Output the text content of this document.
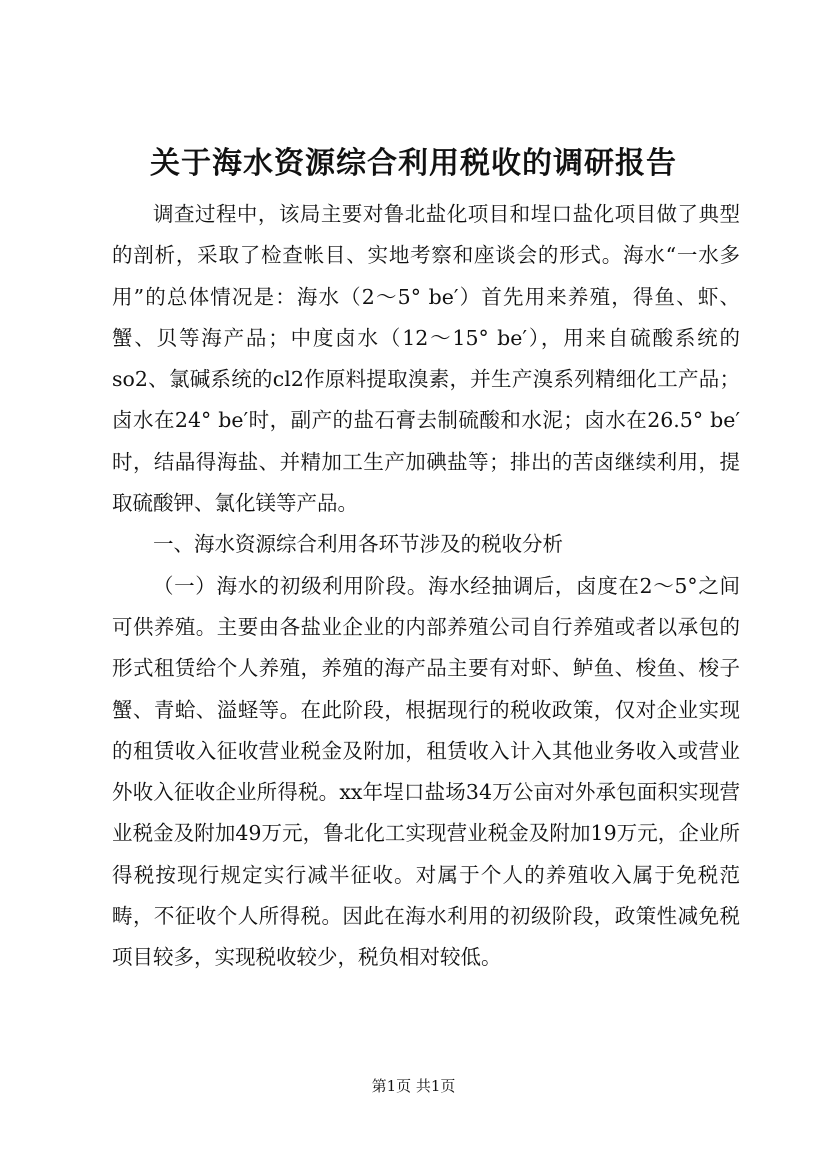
关于海水资源综合利用税收的调研报告

调查过程中，该局主要对鲁北盐化项目和埕口盐化项目做了典型的剖析，采取了检查帐目、实地考察和座谈会的形式。海水“一水多用”的总体情况是：海水（2～5° be′）首先用来养殖，得鱼、虾、蟹、贝等海产品；中度卤水（12～15° be′），用来自硫酸系统的so2、氯碱系统的cl2作原料提取溴素，并生产溴系列精细化工产品；卤水在24° be′时，副产的盐石膏去制硫酸和水泥；卤水在26.5° be′时，结晶得海盐、并精加工生产加碘盐等；排出的苦卤继续利用，提取硫酸钾、氯化镁等产品。

一、海水资源综合利用各环节涉及的税收分析

（一）海水的初级利用阶段。海水经抽调后，卤度在2～5°之间可供养殖。主要由各盐业企业的内部养殖公司自行养殖或者以承包的形式租赁给个人养殖，养殖的海产品主要有对虾、鲈鱼、梭鱼、梭子蟹、青蛤、溢蛏等。在此阶段，根据现行的税收政策，仅对企业实现的租赁收入征收营业税金及附加，租赁收入计入其他业务收入或营业外收入征收企业所得税。xx年埕口盐场34万公亩对外承包面积实现营业税金及附加49万元，鲁北化工实现营业税金及附加19万元，企业所得税按现行规定实行减半征收。对属于个人的养殖收入属于免税范畴，不征收个人所得税。因此在海水利用的初级阶段，政策性减免税项目较多，实现税收较少，税负相对较低。

第1页 共1页
